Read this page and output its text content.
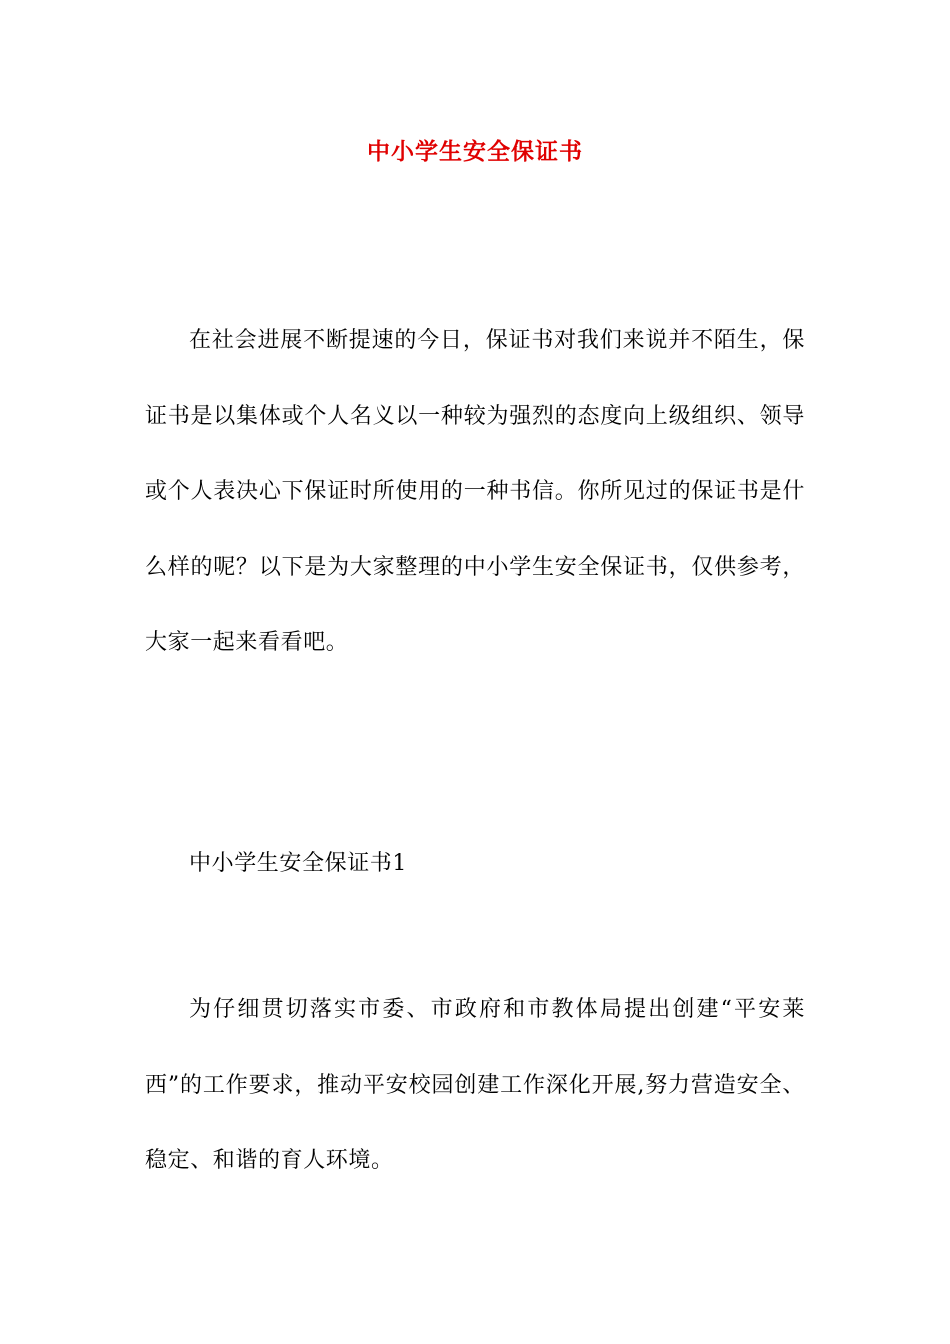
中小学生安全保证书

在社会进展不断提速的今日，保证书对我们来说并不陌生，保证书是以集体或个人名义以一种较为强烈的态度向上级组织、领导或个人表决心下保证时所使用的一种书信。你所见过的保证书是什么样的呢？以下是为大家整理的中小学生安全保证书，仅供参考，大家一起来看看吧。

中小学生安全保证书1

为仔细贯切落实市委、市政府和市教体局提出创建“平安莱西”的工作要求，推动平安校园创建工作深化开展,努力营造安全、稳定、和谐的育人环境。
